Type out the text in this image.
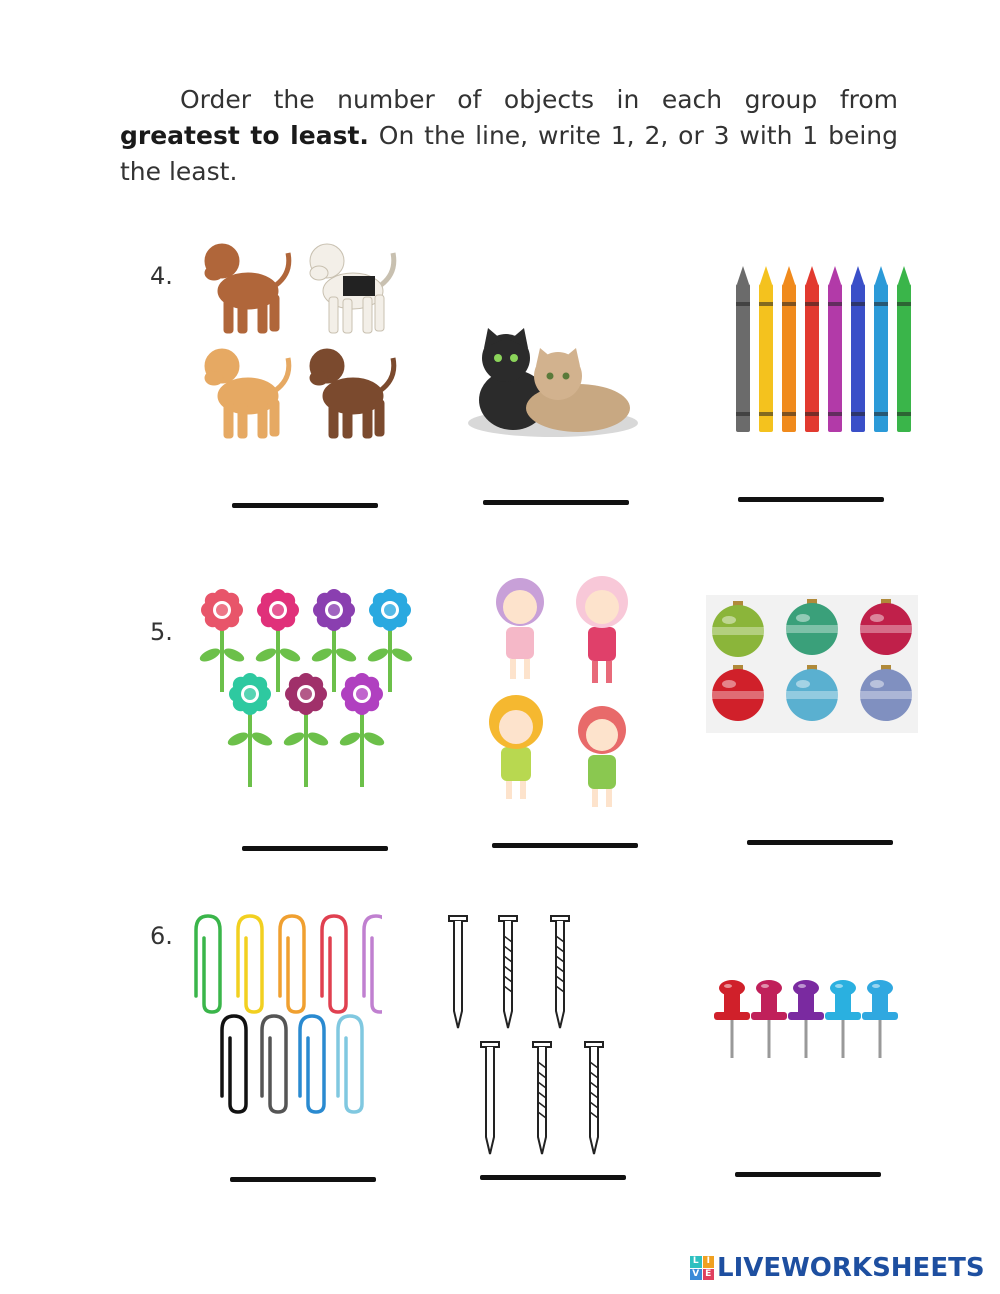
Order the number of objects in each group from greatest to least. On the line, write 1, 2, or 3 with 1 being the least.
4.
5.
6.
L I
V E LIVEWORKSHEETS
